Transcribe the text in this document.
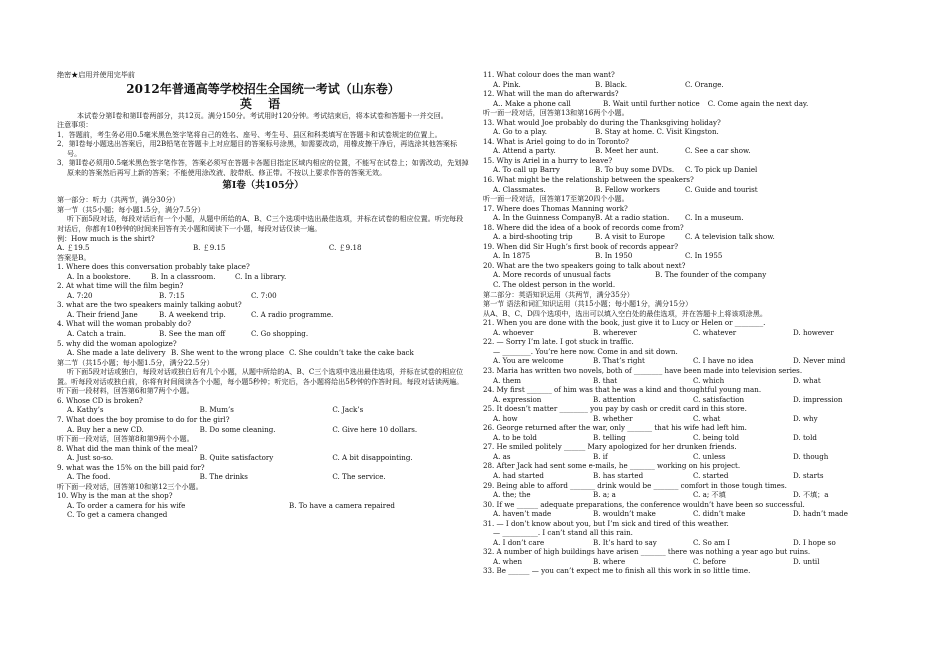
绝密★启用并使用完毕前
2012年普通高等学校招生全国统一考试（山东卷）
英 语
本试卷分第I卷和第II卷两部分，共12页。满分150分。考试用时120分钟。考试结束后，将本试卷和答题卡一并交回。
注意事项：
1．答题前，考生务必用0.5毫米黑色签字笔将自己的姓名、座号、考生号、县区和科类填写在答题卡和试卷规定的位置上。
2．第I卷每小题选出答案后，用2B铅笔在答题卡上对应题目的答案标号涂黑，如需要改动，用橡皮擦干净后，再选涂其他答案标号。
3．第II卷必须用0.5毫米黑色签字笔作答，答案必须写在答题卡各题目指定区域内相应的位置，不能写在试卷上；如需改动，先划掉原来的答案然后再写上新的答案；不能使用涂改液、胶带纸、修正带。不按以上要求作答的答案无效。
第I卷（共105分）
第一部分：听力（共两节，满分30分）
第一节（共5小题；每小题1.5分，满分7.5分）
听下面5段对话，每段对话后有一个小题，从题中所给的A、B、C三个选项中选出最佳选项，并标在试卷的相应位置。听完每段对话后，你都有10秒钟的时间来回答有关小题和阅读下一小题，每段对话仅读一遍。
例：How much is the shirt?
A. ￡19.5	B. ￡9.15	C. ￡9.18
答案是B。
1. Where does this conversation probably take place?
A. In a bookstore.	B. In a classroom.	C. In a library.
2. At what time will the film begin?
A. 7:20	B. 7:15	C. 7:00
3. what are the two speakers mainly talking aobut?
A. Their friend Jane	B. A weekend trip.	C. A radio programme.
4. What will the woman probably do?
A. Catch a train.	B. See the man off	C. Go shopping.
5. why did the woman apologize?
A. She made a late delivery B. She went to the wrong place C. She couldn’t take the cake back
第二节（共15小题；每小题1.5分，满分22.5分）
听下面5段对话或独白，每段对话或独白后有几个小题，从题中所给的A、B、C三个选项中选出最佳选项，并标在试卷的相应位置。听每段对话或独白前，你将有时间阅读各个小题，每小题5秒钟；听完后，各小题将给出5秒钟的作答时间。每段对话读两遍。
听下面一段材料，回答第6和第7两个小题。
6. Whose CD is broken?
A. Kathy’s	B. Mum’s	C. Jack’s
7. What does the boy promise to do for the girl?
A. Buy her a new CD.	B. Do some cleaning.	C. Give here 10 dollars.
听下面一段对话，回答第8和第9两个小题。
8. What did the man think of the meal?
A. Just so-so.	B. Quite satisfactory	C. A bit disappointing.
9. what was the 15% on the bill paid for?
A. The food.	B. The drinks	C. The service.
听下面一段对话，回答第10和第12三个小题。
10. Why is the man at the shop?
A. To order a camera for his wife	B. To have a camera repaired
C. To get a camera changed
11. What colour does the man want?
A. Pink.	B. Black.	C. Orange.
12. What will the man do afterwards?
A.. Make a phone call	B. Wait until further notice C. Come again the next day.
听一面一段对话，回答第13和第16两个小题。
13. What would Joe probably do during the Thanksgiving holiday?
A. Go to a play.	B. Stay at home. C. Visit Kingston.
14. What is Ariel going to do in Toronto?
A. Attend a party.	B. Meet her aunt.	C. See a car show.
15. Why is Ariel in a hurry to leave?
A. To call up Barry	B. To buy some DVDs.	C. To pick up Daniel
16. What might be the relationship between the speakers?
A. Classmates.	B. Fellow workers	C. Guide and tourist
听一面一段对话，回答第17至第20四个小题。
17. Where does Thomas Manning work?
A. In the Guinness Company B. At a radio station.	C. In a museum.
18. Where did the idea of a book of records come from?
A. a bird-shooting trip	B. A visit to Europe	C. A television talk show.
19. When did Sir Hugh’s first book of records appear?
A. In 1875	B. In 1950	C. In 1955
20. What are the two speakers going to talk about next?
A. More records of unusual facts	B. The founder of the company
C. The oldest person in the world.
第二部分：英语知识运用（共两节，满分35分）
第一节 语法和词汇知识运用（共15小题；每小题1分，满分15分）
从A、B、C、D四个选项中，选出可以填入空白处的最佳选项，并在答题卡上将该项涂黑。
21. When you are done with the book, just give it to Lucy or Helen or ________.
A. whoever	B. wherever	C. whatever	D. however
22. — Sorry I’m late. I got stuck in traffic.
— ________. You’re here now. Come in and sit down.
A. You are welcome	B. That’s right	C. I have no idea	D. Never mind
23. Maria has written two novels, both of ________ have been made into television series.
A. them	B. that	C. which	D. what
24. My first _______ of him was that he was a kind and thoughtful young man.
A. expression	B. attention	C. satisfaction	D. impression
25. It doesn’t matter ________ you pay by cash or credit card in this store.
A. how	B. whether	C. what	D. why
26. George returned after the war, only _______ that his wife had left him.
A. to be told	B. telling	C. being told	D. told
27. He smiled politely ______ Mary apologized for her drunken friends.
A. as	B. if	C. unless	D. though
28. After Jack had sent some e-mails, he _______ working on his project.
A. had started	B. has started	C. started	D. starts
29. Being able to afford _______ drink would be _______ comfort in those tough times.
A. the; the	B. a; a	C. a; 不填	D. 不填；a
30. If we ______ adequate preparations, the conference wouldn’t have been so successful.
A. haven’t made	B. wouldn’t make	C. didn’t make	D. hadn’t made
31. — I don’t know about you, but I’m sick and tired of this weather.
— __________. I can’t stand all this rain.
A. I don’t care	B. It’s hard to say	C. So am I	D. I hope so
32. A number of high buildings have arisen _______ there was nothing a year ago but ruins.
A. when	B. where	C. before	D. until
33. Be ______ — you can’t expect me to finish all this work in so little time.
